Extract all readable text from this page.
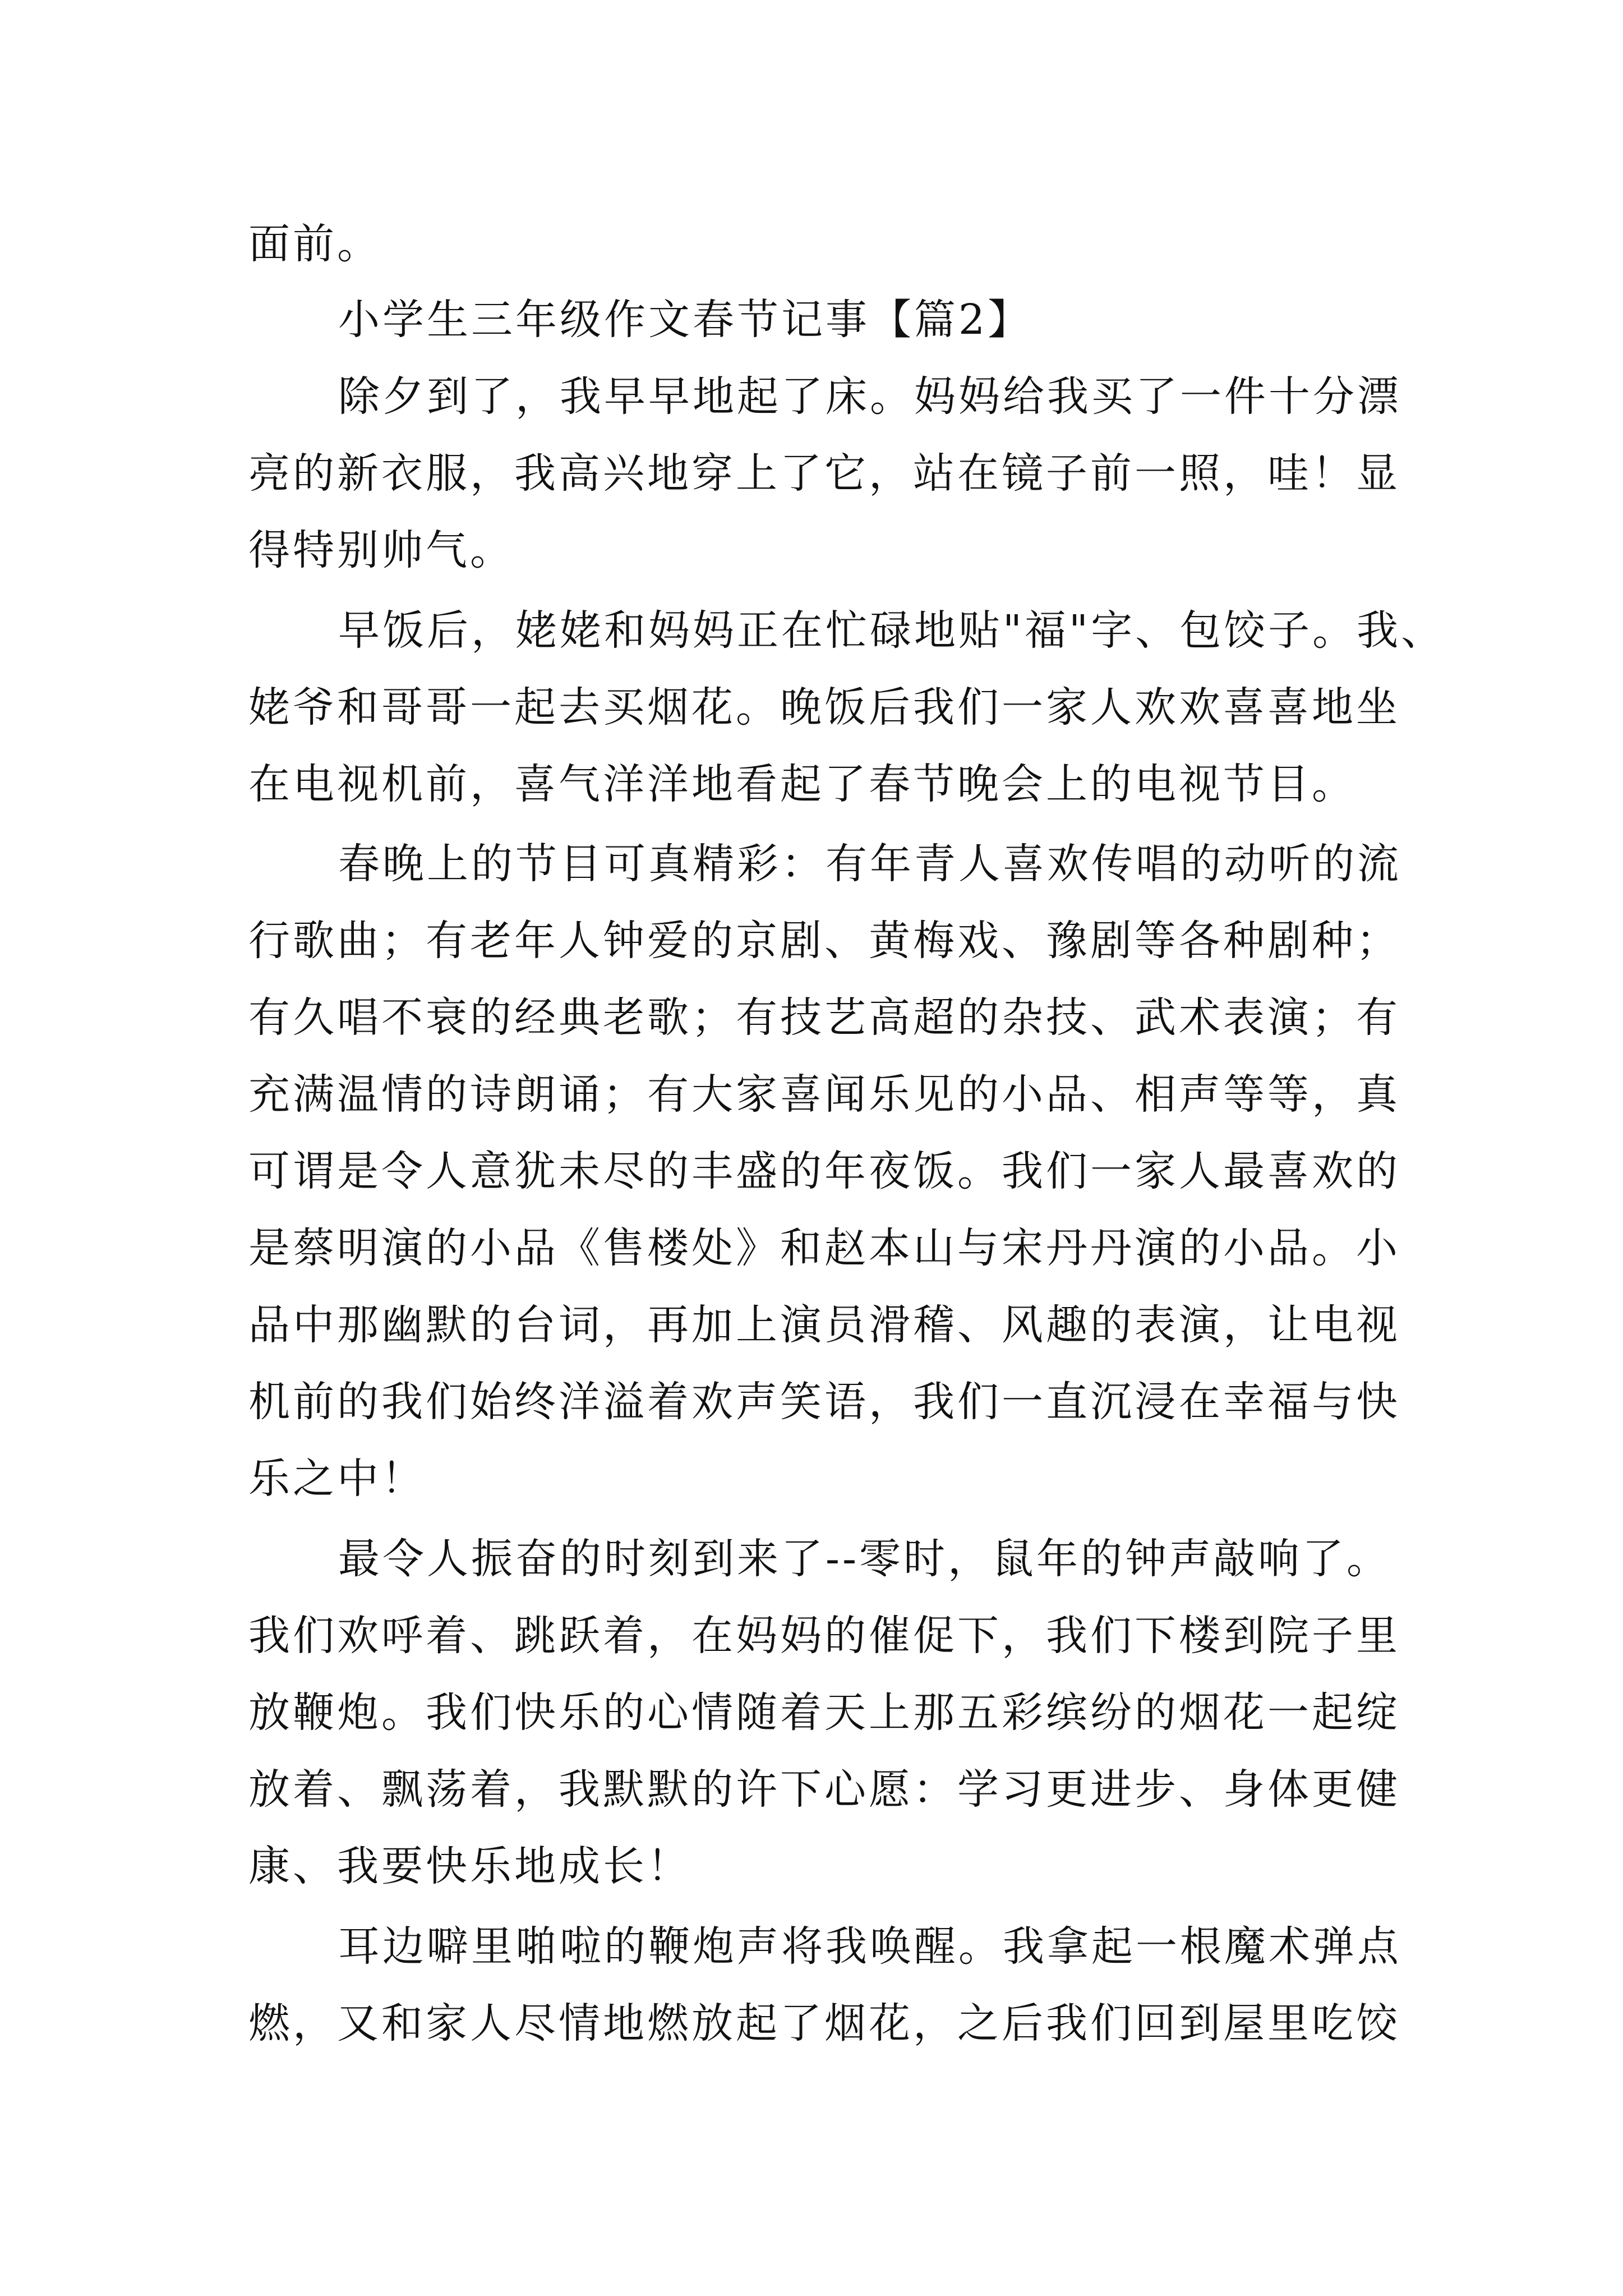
面前。
小学生三年级作文春节记事【篇2】
除夕到了，我早早地起了床。妈妈给我买了一件十分漂
亮的新衣服，我高兴地穿上了它，站在镜子前一照，哇！显
得特别帅气。
早饭后，姥姥和妈妈正在忙碌地贴"福"字、包饺子。我、
姥爷和哥哥一起去买烟花。晚饭后我们一家人欢欢喜喜地坐
在电视机前，喜气洋洋地看起了春节晚会上的电视节目。
春晚上的节目可真精彩：有年青人喜欢传唱的动听的流
行歌曲；有老年人钟爱的京剧、黄梅戏、豫剧等各种剧种；
有久唱不衰的经典老歌；有技艺高超的杂技、武术表演；有
充满温情的诗朗诵；有大家喜闻乐见的小品、相声等等，真
可谓是令人意犹未尽的丰盛的年夜饭。我们一家人最喜欢的
是蔡明演的小品《售楼处》和赵本山与宋丹丹演的小品。小
品中那幽默的台词，再加上演员滑稽、风趣的表演，让电视
机前的我们始终洋溢着欢声笑语，我们一直沉浸在幸福与快
乐之中！
最令人振奋的时刻到来了--零时，鼠年的钟声敲响了。
我们欢呼着、跳跃着，在妈妈的催促下，我们下楼到院子里
放鞭炮。我们快乐的心情随着天上那五彩缤纷的烟花一起绽
放着、飘荡着，我默默的许下心愿：学习更进步、身体更健
康、我要快乐地成长！
耳边噼里啪啦的鞭炮声将我唤醒。我拿起一根魔术弹点
燃，又和家人尽情地燃放起了烟花，之后我们回到屋里吃饺
